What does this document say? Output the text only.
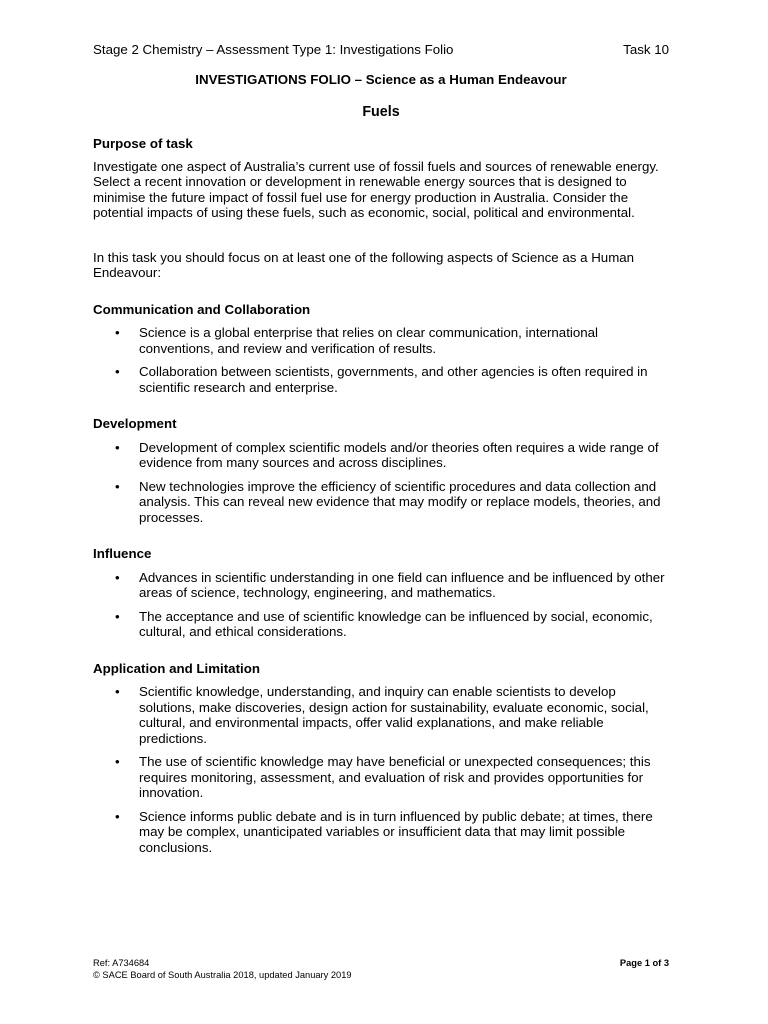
Stage 2 Chemistry – Assessment Type 1: Investigations Folio	Task 10
INVESTIGATIONS FOLIO – Science as a Human Endeavour
Fuels
Purpose of task

Investigate one aspect of Australia’s current use of fossil fuels and sources of renewable energy. Select a recent innovation or development in renewable energy sources that is designed to minimise the future impact of fossil fuel use for energy production in Australia. Consider the potential impacts of using these fuels, such as economic, social, political and environmental.

In this task you should focus on at least one of the following aspects of Science as a Human Endeavour:

Communication and Collaboration
•	Science is a global enterprise that relies on clear communication, international conventions, and review and verification of results.
•	Collaboration between scientists, governments, and other agencies is often required in scientific research and enterprise.
Development
•	Development of complex scientific models and/or theories often requires a wide range of evidence from many sources and across disciplines.
•	New technologies improve the efficiency of scientific procedures and data collection and analysis. This can reveal new evidence that may modify or replace models, theories, and processes.
Influence
•	Advances in scientific understanding in one field can influence and be influenced by other areas of science, technology, engineering, and mathematics.
•	The acceptance and use of scientific knowledge can be influenced by social, economic, cultural, and ethical considerations.
Application and Limitation
•	Scientific knowledge, understanding, and inquiry can enable scientists to develop solutions, make discoveries, design action for sustainability, evaluate economic, social, cultural, and environmental impacts, offer valid explanations, and make reliable predictions.
•	The use of scientific knowledge may have beneficial or unexpected consequences; this requires monitoring, assessment, and evaluation of risk and provides opportunities for innovation.
•	Science informs public debate and is in turn influenced by public debate; at times, there may be complex, unanticipated variables or insufficient data that may limit possible conclusions.
Ref: A734684
© SACE Board of South Australia 2018, updated January 2019
Page 1 of 3
